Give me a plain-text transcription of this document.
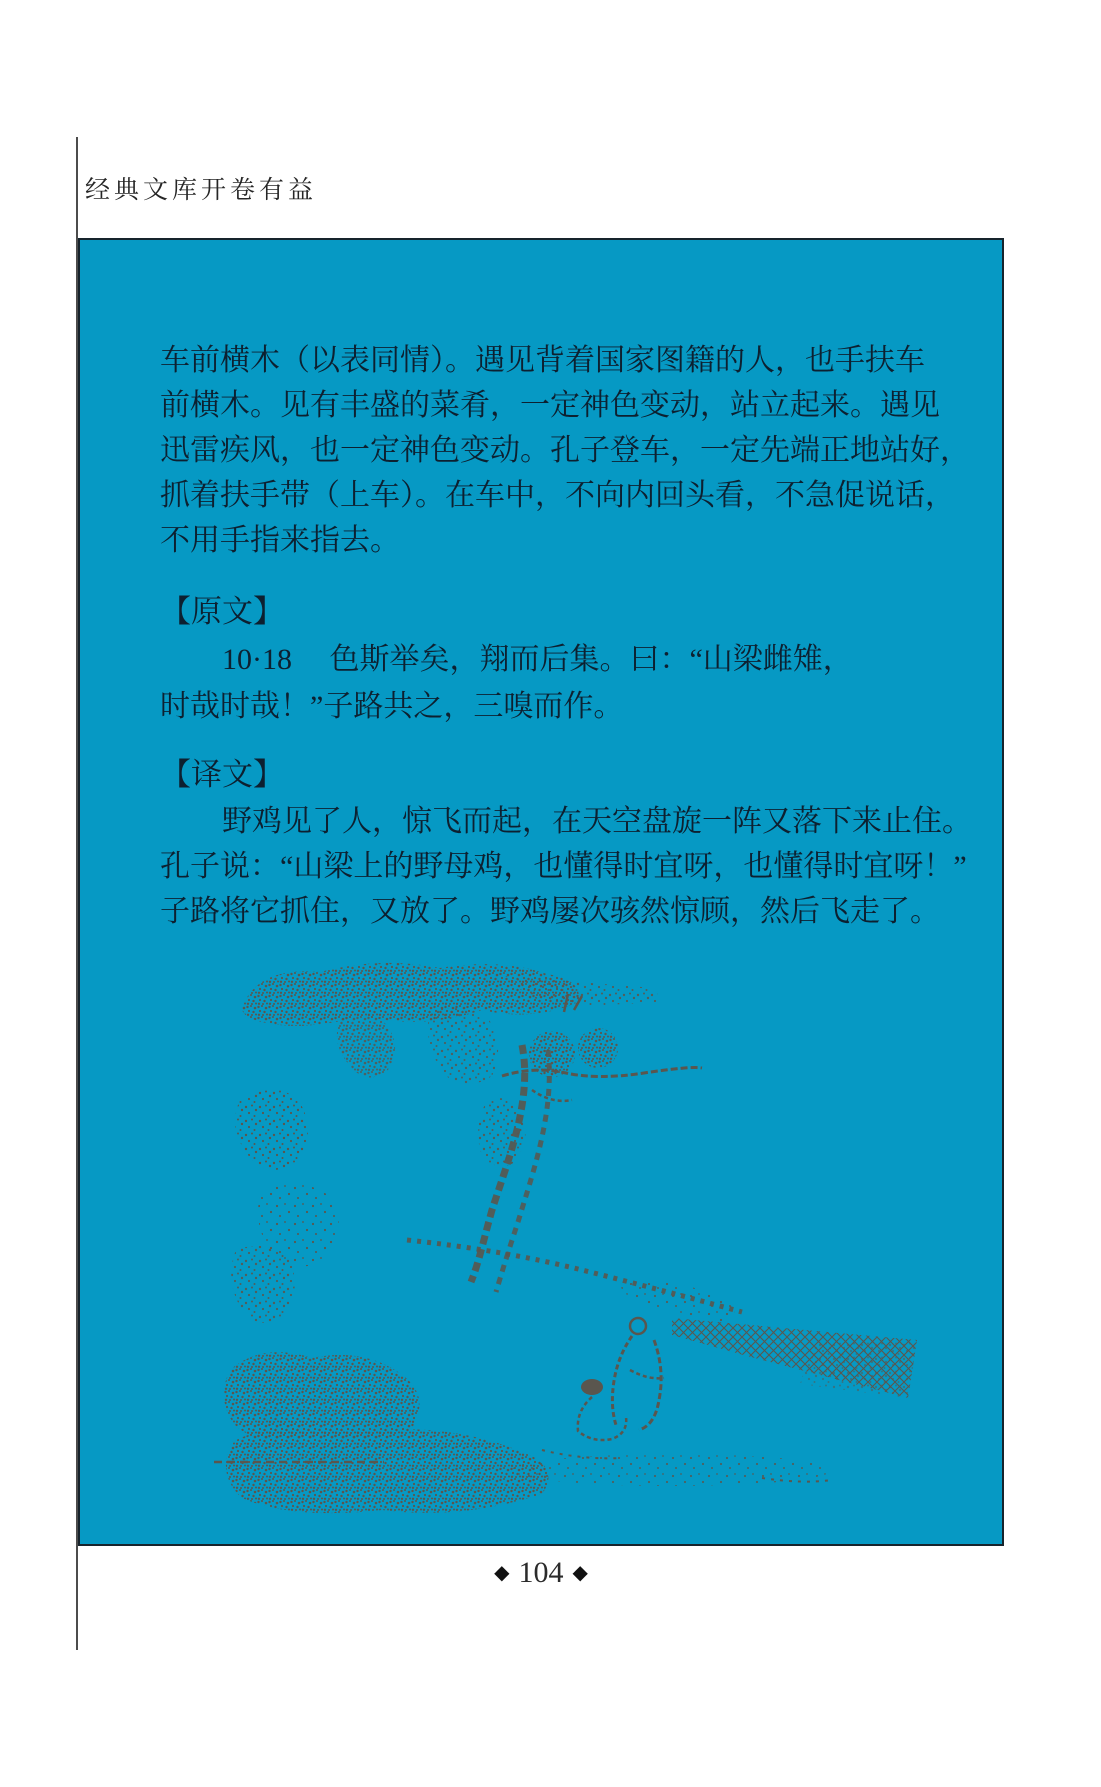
经典文库开卷有益
车前横木（以表同情）。遇见背着国家图籍的人，也手扶车
前横木。见有丰盛的菜肴，一定神色变动，站立起来。遇见
迅雷疾风，也一定神色变动。孔子登车，一定先端正地站好，
抓着扶手带（上车）。在车中，不向内回头看，不急促说话，
不用手指来指去。
【原文】
10·18　 色斯举矣，翔而后集。曰：“山梁雌雉，
时哉时哉！”子路共之，三嗅而作。
【译文】
野鸡见了人，惊飞而起，在天空盘旋一阵又落下来止住。
孔子说：“山梁上的野母鸡，也懂得时宜呀，也懂得时宜呀！”
子路将它抓住，又放了。野鸡屡次骇然惊顾，然后飞走了。
◆ 104 ◆
